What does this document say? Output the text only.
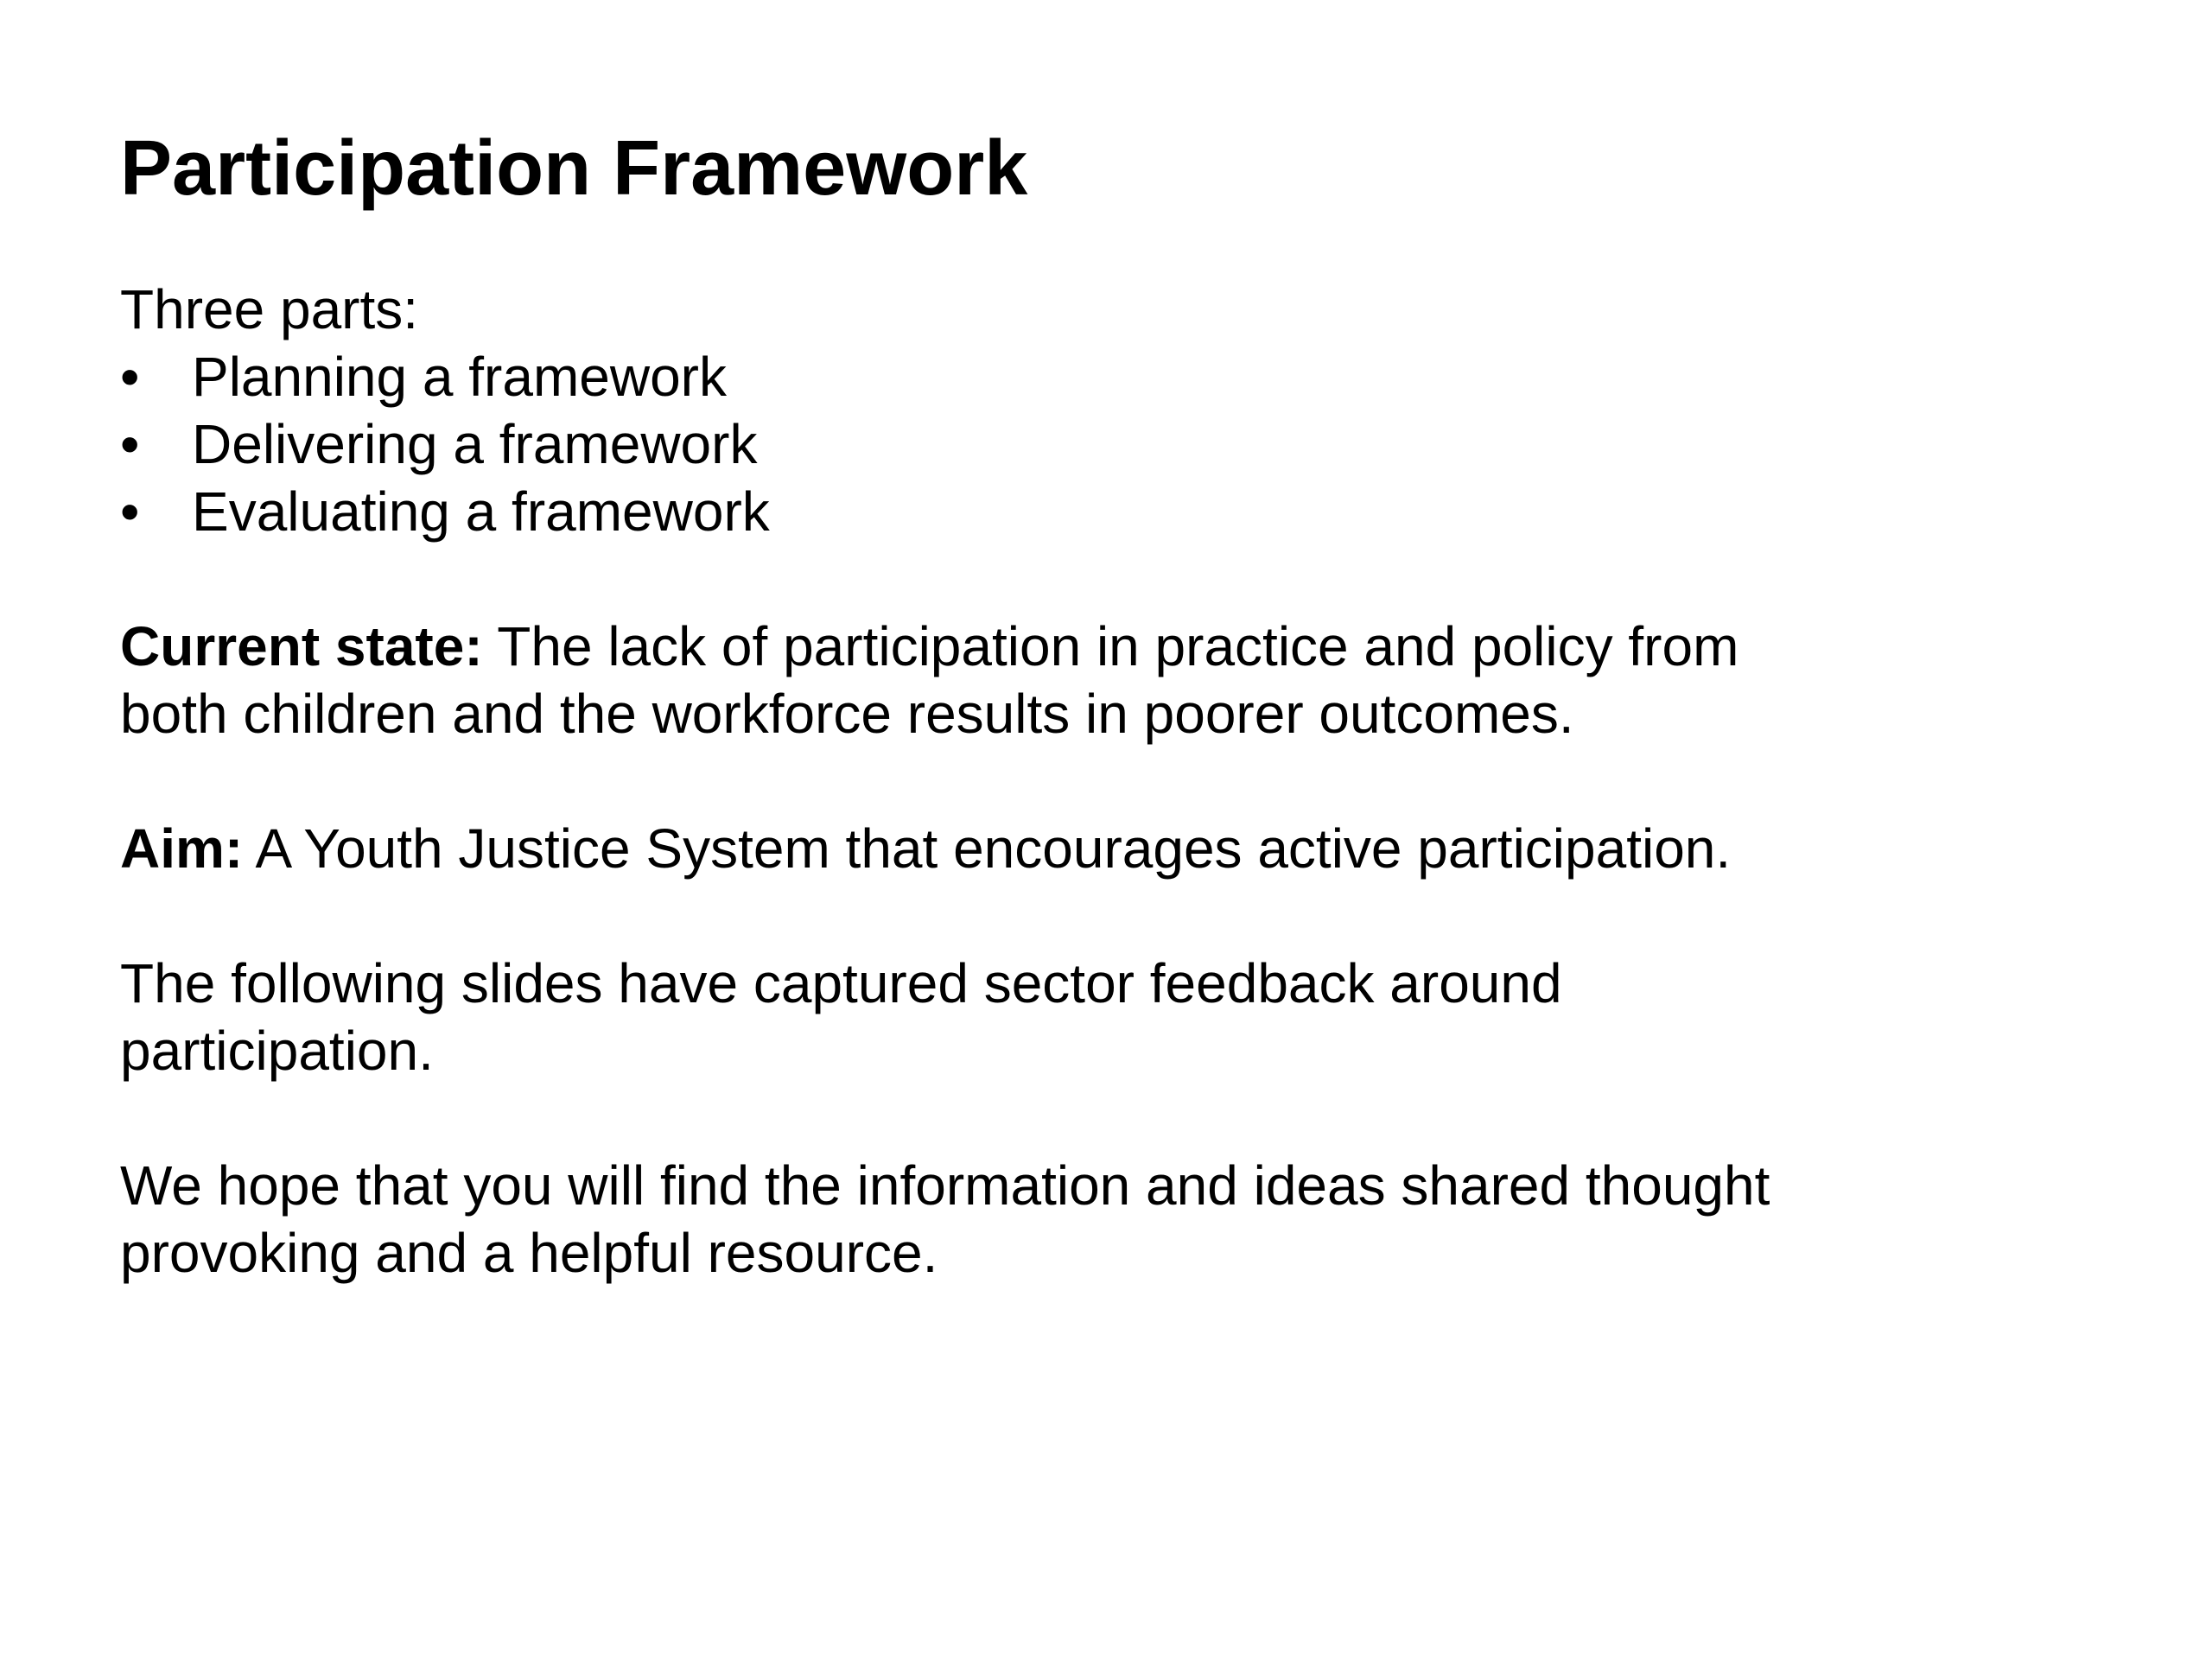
Participation Framework

Three parts:

• Planning a framework
• Delivering a framework
• Evaluating a framework

Current state: The lack of participation in practice and policy from both children and the workforce results in poorer outcomes.

Aim: A Youth Justice System that encourages active participation.

The following slides have captured sector feedback around participation.

We hope that you will find the information and ideas shared thought provoking and a helpful resource.
